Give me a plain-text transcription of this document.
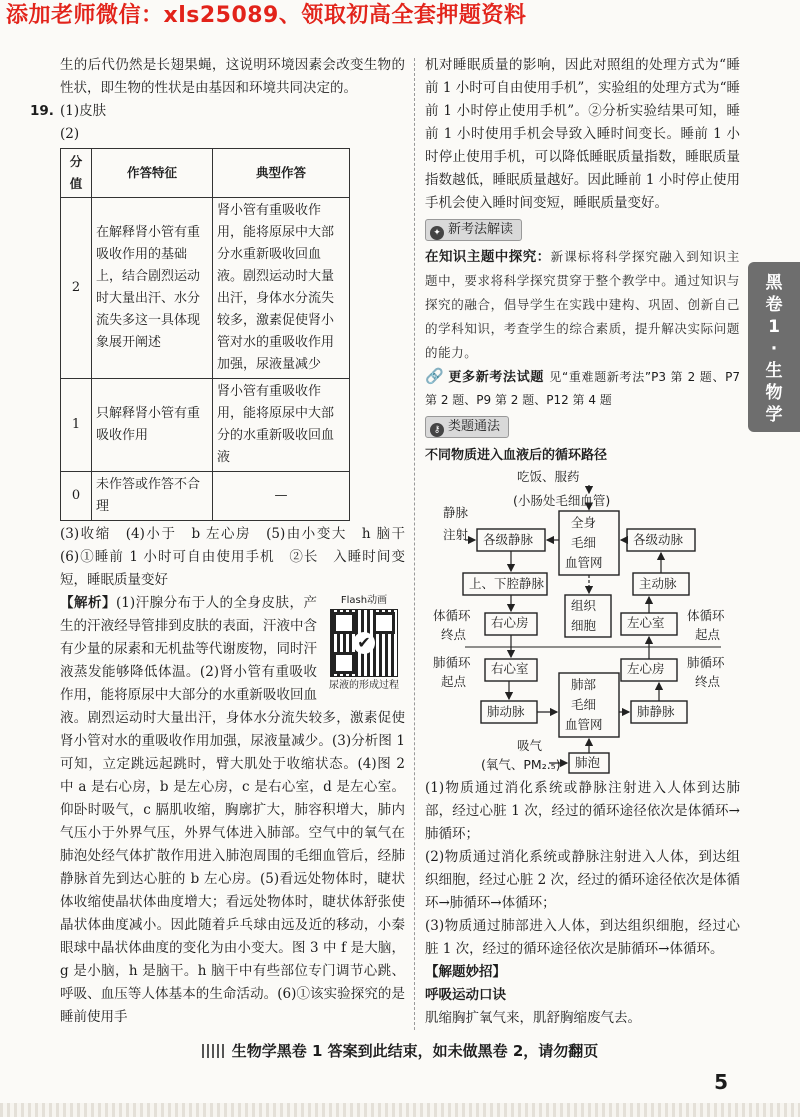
添加老师微信：xls25089、领取初高全套押题资料

生的后代仍然是长翅果蝇，这说明环境因素会改变生物的性状，即生物的性状是由基因和环境共同决定的。

19. (1)皮肤

(2)

分值	作答特征	典型作答
2	在解释肾小管有重吸收作用的基础上，结合剧烈运动时大量出汗、水分流失多这一具体现象展开阐述	肾小管有重吸收作用，能将原尿中大部分水重新吸收回血液。剧烈运动时大量出汗，身体水分流失较多，激素促使肾小管对水的重吸收作用加强，尿液量减少
1	只解释肾小管有重吸收作用	肾小管有重吸收作用，能将原尿中大部分的水重新吸收回血液
0	未作答或作答不合理	—

(3)收缩　(4)小于　b 左心房　(5)由小变大　h 脑干　(6)①睡前 1 小时可自由使用手机　②长　入睡时间变短，睡眠质量变好

Flash动画
✔
尿液的形成过程

【解析】(1)汗腺分布于人的全身皮肤，产生的汗液经导管排到皮肤的表面，汗液中含有少量的尿素和无机盐等代谢废物，同时汗液蒸发能够降低体温。(2)肾小管有重吸收作用，能将原尿中大部分的水重新吸收回血液。剧烈运动时大量出汗，身体水分流失较多，激素促使肾小管对水的重吸收作用加强，尿液量减少。(3)分析图 1 可知，立定跳远起跳时，臂大肌处于收缩状态。(4)图 2 中 a 是右心房，b 是左心房，c 是右心室，d 是左心室。仰卧时吸气，c 膈肌收缩，胸廓扩大，肺容积增大，肺内气压小于外界气压，外界气体进入肺部。空气中的氧气在肺泡处经气体扩散作用进入肺泡周围的毛细血管后，经肺静脉首先到达心脏的 b 左心房。(5)看远处物体时，睫状体收缩使晶状体曲度增大；看远处物体时，睫状体舒张使晶状体曲度减小。因此随着乒乓球由远及近的移动，小秦眼球中晶状体曲度的变化为由小变大。图 3 中 f 是大脑，g 是小脑，h 是脑干。h 脑干中有些部位专门调节心跳、呼吸、血压等人体基本的生命活动。(6)①该实验探究的是睡前使用手

机对睡眠质量的影响，因此对照组的处理方式为“睡前 1 小时可自由使用手机”，实验组的处理方式为“睡前 1 小时停止使用手机”。②分析实验结果可知，睡前 1 小时使用手机会导致入睡时间变长。睡前 1 小时停止使用手机，可以降低睡眠质量指数，睡眠质量指数越低，睡眠质量越好。因此睡前 1 小时停止使用手机会使入睡时间变短，睡眠质量变好。

✦ 新考法解读

在知识主题中探究：新课标将科学探究融入到知识主题中，要求将科学探究贯穿于整个教学中。通过知识与探究的融合，倡导学生在实践中建构、巩固、创新自己的学科知识，考查学生的综合素质，提升解决实际问题的能力。

🔗 更多新考法试题 见“重难题新考法”P3 第 2 题、P7 第 2 题、P9 第 2 题、P12 第 4 题

⚷ 类题通法

不同物质进入血液后的循环路径

吃饭、服药
(小肠处毛细血管)
静脉
注射
全身
毛细
血管网
各级静脉	各级动脉
上、下腔静脉
组织
细胞
主动脉
体循环
终点
右心房	左心室 体循环
起点
肺循环
起点
右心室	左心房 肺循环
终点
肺部
毛细
血管网
肺动脉	肺静脉
吸气
(氧气、PM₂.₅) 肺泡

(1)物质通过消化系统或静脉注射进入人体到达肺部，经过心脏 1 次，经过的循环途径依次是体循环→肺循环；

(2)物质通过消化系统或静脉注射进入人体，到达组织细胞，经过心脏 2 次，经过的循环途径依次是体循环→肺循环→体循环；

(3)物质通过肺部进入人体，到达组织细胞，经过心脏 1 次，经过的循环途径依次是肺循环→体循环。

【解题妙招】

呼吸运动口诀

肌缩胸扩氧气来，肌舒胸缩废气去。

黑
卷
1
·
生
物
学
生物学黑卷 1 答案到此结束，如未做黑卷 2，请勿翻页
5
